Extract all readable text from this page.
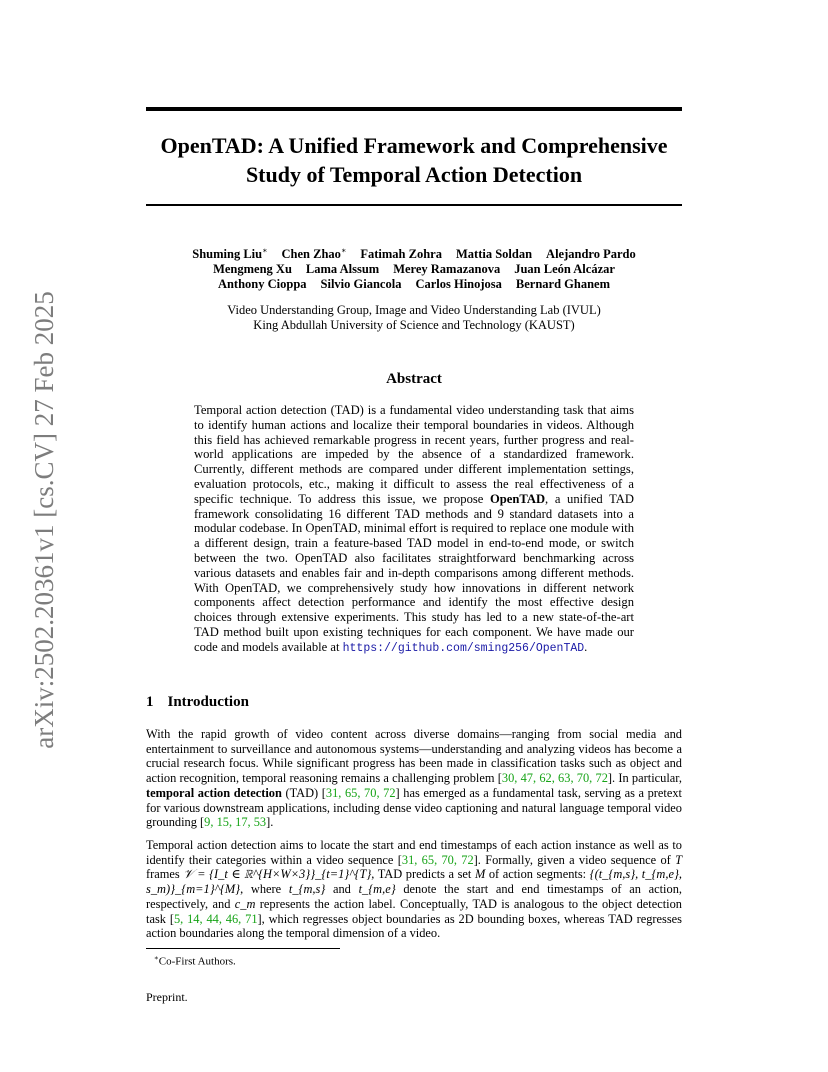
arXiv:2502.20361v1 [cs.CV] 27 Feb 2025
OpenTAD: A Unified Framework and Comprehensive Study of Temporal Action Detection
Shuming Liu∗ Chen Zhao∗ Fatimah Zohra Mattia Soldan Alejandro Pardo
Mengmeng Xu Lama Alssum Merey Ramazanova Juan León Alcázar
Anthony Cioppa Silvio Giancola Carlos Hinojosa Bernard Ghanem
Video Understanding Group, Image and Video Understanding Lab (IVUL)
King Abdullah University of Science and Technology (KAUST)
Abstract
Temporal action detection (TAD) is a fundamental video understanding task that aims to identify human actions and localize their temporal boundaries in videos. Although this field has achieved remarkable progress in recent years, further progress and real-world applications are impeded by the absence of a standardized framework. Currently, different methods are compared under different implementation settings, evaluation protocols, etc., making it difficult to assess the real effectiveness of a specific technique. To address this issue, we propose OpenTAD, a unified TAD framework consolidating 16 different TAD methods and 9 standard datasets into a modular codebase. In OpenTAD, minimal effort is required to replace one module with a different design, train a feature-based TAD model in end-to-end mode, or switch between the two. OpenTAD also facilitates straightforward benchmarking across various datasets and enables fair and in-depth comparisons among different methods. With OpenTAD, we comprehensively study how innovations in different network components affect detection performance and identify the most effective design choices through extensive experiments. This study has led to a new state-of-the-art TAD method built upon existing techniques for each component. We have made our code and models available at https://github.com/sming256/OpenTAD.
1 Introduction
With the rapid growth of video content across diverse domains—ranging from social media and entertainment to surveillance and autonomous systems—understanding and analyzing videos has become a crucial research focus. While significant progress has been made in classification tasks such as object and action recognition, temporal reasoning remains a challenging problem [30, 47, 62, 63, 70, 72]. In particular, temporal action detection (TAD) [31, 65, 70, 72] has emerged as a fundamental task, serving as a pretext for various downstream applications, including dense video captioning and natural language temporal video grounding [9, 15, 17, 53].
Temporal action detection aims to locate the start and end timestamps of each action instance as well as to identify their categories within a video sequence [31, 65, 70, 72]. Formally, given a video sequence of T frames 𝒱 = {I_t ∈ ℝ^{H×W×3}}_{t=1}^{T}, TAD predicts a set M of action segments: {(t_{m,s}, t_{m,e}, s_m)}_{m=1}^{M}, where t_{m,s} and t_{m,e} denote the start and end timestamps of an action, respectively, and c_m represents the action label. Conceptually, TAD is analogous to the object detection task [5, 14, 44, 46, 71], which regresses object boundaries as 2D bounding boxes, whereas TAD regresses action boundaries along the temporal dimension of a video.
∗Co-First Authors.
Preprint.
